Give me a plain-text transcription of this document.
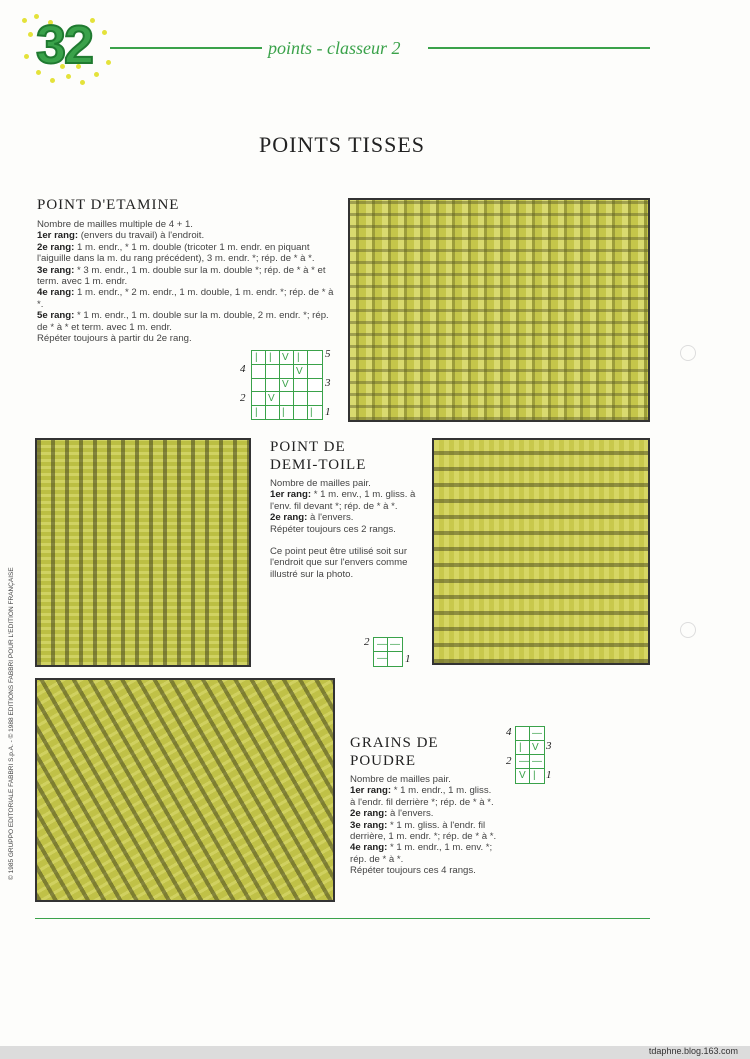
32	points - classeur 2
POINTS TISSES
POINT D'ETAMINE

Nombre de mailles multiple de 4 + 1.

1er rang: (envers du travail) à l'endroit.

2e rang: 1 m. endr., * 1 m. double (tricoter 1 m. endr. en piquant l'aiguille dans la m. du rang précédent), 3 m. endr. *; rép. de * à *.

3e rang: * 3 m. endr., 1 m. double sur la m. double *; rép. de * à * et term. avec 1 m. endr.

4e rang: 1 m. endr., * 2 m. endr., 1 m. double, 1 m. endr. *; rép. de * à *.

5e rang: * 1 m. endr., 1 m. double sur la m. double, 2 m. endr. *; rép. de * à * et term. avec 1 m. endr.

Répéter toujours à partir du 2e rang.

| | V |
V
V
V
| |	|
5
4
3
2
1
POINT DE
DEMI-TOILE

Nombre de mailles pair.

1er rang: * 1 m. env., 1 m. gliss. à l'env. fil devant *; rép. de * à *.

2e rang: à l'envers.

Répéter toujours ces 2 rangs.

Ce point peut être utilisé soit sur l'endroit que sur l'envers comme illustré sur la photo.

— —
—
2
1
GRAINS DE
POUDRE

Nombre de mailles pair.

1er rang: * 1 m. endr., 1 m. gliss. à l'endr. fil derrière *; rép. de * à *.

2e rang: à l'envers.

3e rang: * 1 m. gliss. à l'endr. fil derrière, 1 m. endr. *; rép. de * à *.

4e rang: * 1 m. endr., 1 m. env. *; rép. de * à *.

Répéter toujours ces 4 rangs.

—
| V
— —
V |
4
3
2
1
© 1985 GRUPPO EDITORIALE FABBRI S.p.A. - © 1988 EDITIONS FABBRI POUR L'EDITION FRANÇAISE
tdaphne.blog.163.com
